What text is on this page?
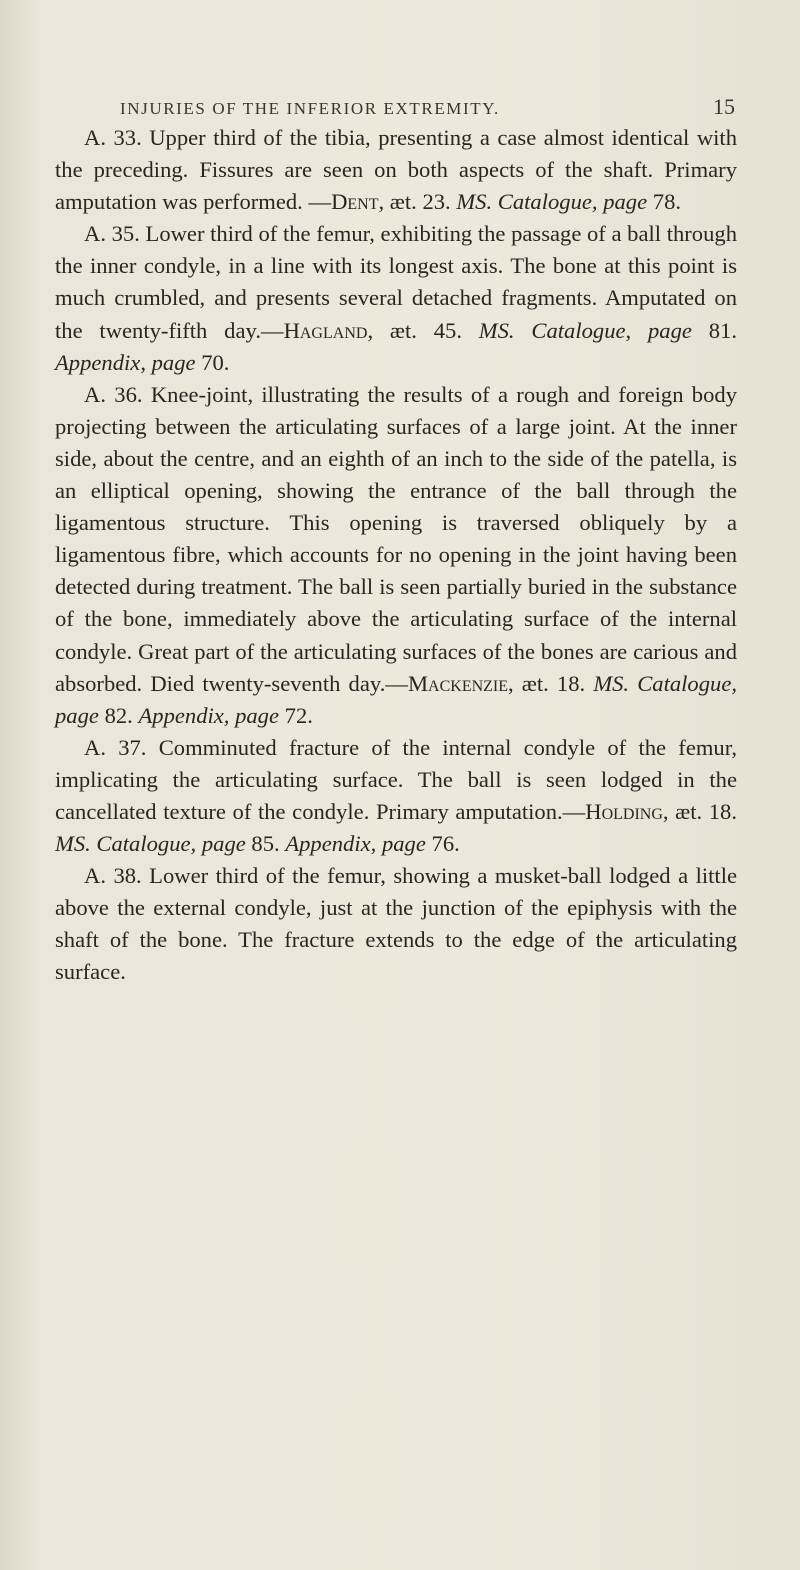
INJURIES OF THE INFERIOR EXTREMITY.	15

A. 33. Upper third of the tibia, presenting a case almost identical with the preceding. Fissures are seen on both aspects of the shaft. Primary amputation was performed. —Dent, æt. 23. MS. Catalogue, page 78.

A. 35. Lower third of the femur, exhibiting the passage of a ball through the inner condyle, in a line with its longest axis. The bone at this point is much crumbled, and presents several detached fragments. Amputated on the twenty-fifth day.—Hagland, æt. 45. MS. Catalogue, page 81. Appendix, page 70.

A. 36. Knee-joint, illustrating the results of a rough and foreign body projecting between the articulating surfaces of a large joint. At the inner side, about the centre, and an eighth of an inch to the side of the patella, is an elliptical opening, showing the entrance of the ball through the ligamentous structure. This opening is traversed obliquely by a ligamentous fibre, which accounts for no opening in the joint having been detected during treatment. The ball is seen partially buried in the substance of the bone, immediately above the articulating surface of the internal condyle. Great part of the articulating surfaces of the bones are carious and absorbed. Died twenty-seventh day.—Mackenzie, æt. 18. MS. Catalogue, page 82. Appendix, page 72.

A. 37. Comminuted fracture of the internal condyle of the femur, implicating the articulating surface. The ball is seen lodged in the cancellated texture of the condyle. Primary amputation.—Holding, æt. 18. MS. Catalogue, page 85. Appendix, page 76.

A. 38. Lower third of the femur, showing a musket-ball lodged a little above the external condyle, just at the junction of the epiphysis with the shaft of the bone. The fracture extends to the edge of the articulating surface.
